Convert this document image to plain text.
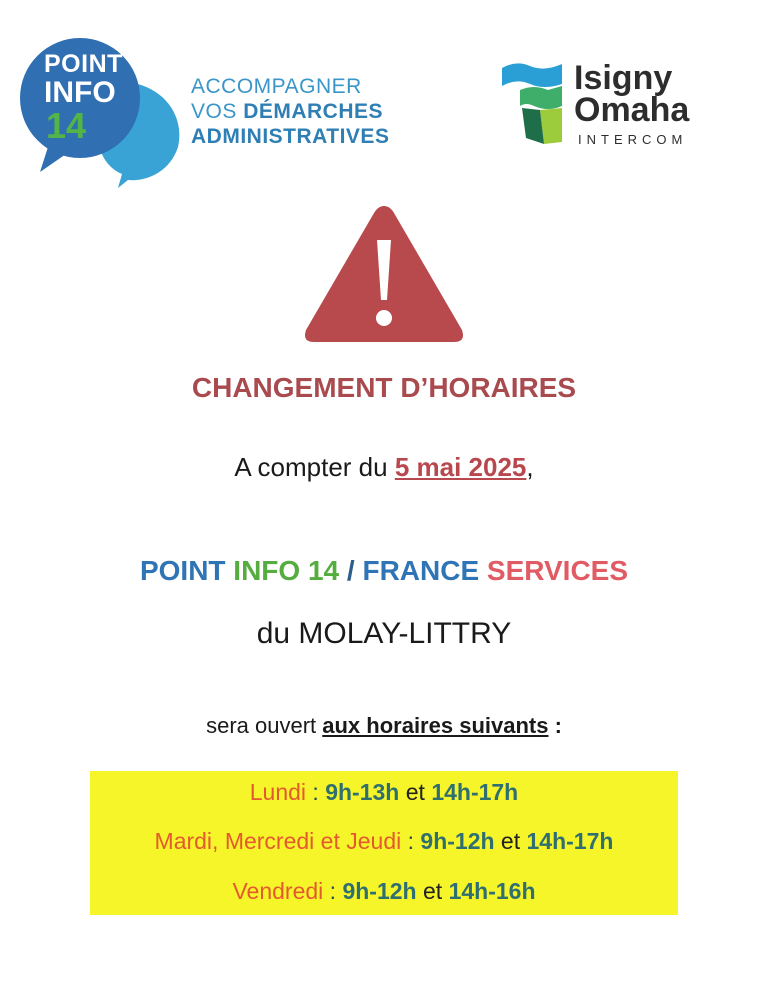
POINT
INFO
14
ACCOMPAGNER
VOS DÉMARCHES
ADMINISTRATIVES
Isigny
Omaha
INTERCOM
CHANGEMENT D’HORAIRES
A compter du 5 mai 2025,
POINT INFO 14 / FRANCE SERVICES
du MOLAY-LITTRY
sera ouvert aux horaires suivants :
Lundi : 9h-13h et 14h-17h
Mardi, Mercredi et Jeudi : 9h-12h et 14h-17h
Vendredi : 9h-12h et 14h-16h
